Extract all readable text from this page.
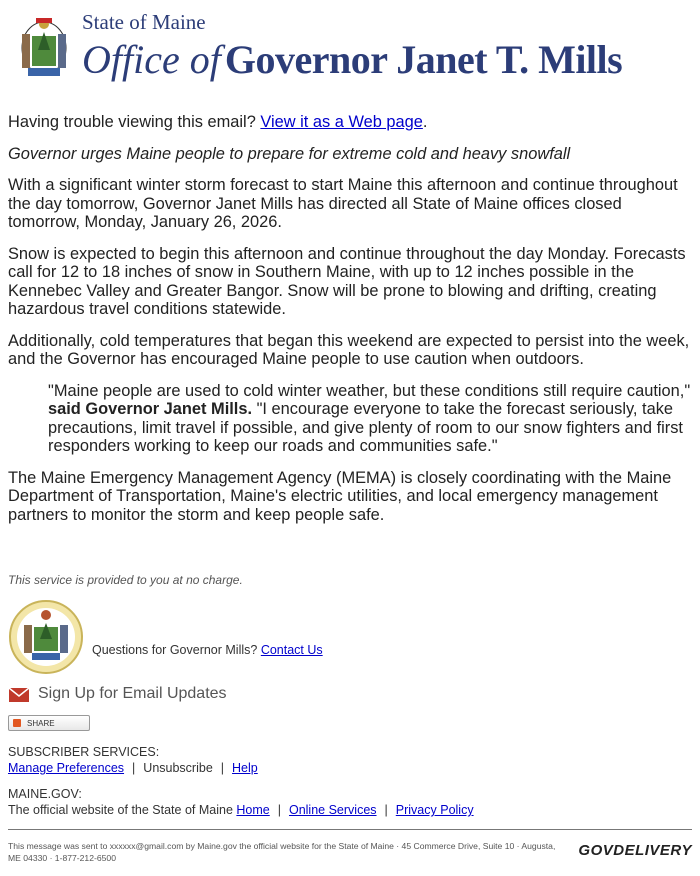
State of Maine
Office of Governor Janet T. Mills

Having trouble viewing this email? View it as a Web page.

Governor urges Maine people to prepare for extreme cold and heavy snowfall

With a significant winter storm forecast to start Maine this afternoon and continue throughout the day tomorrow, Governor Janet Mills has directed all State of Maine offices closed tomorrow, Monday, January 26, 2026.

Snow is expected to begin this afternoon and continue throughout the day Monday. Forecasts call for 12 to 18 inches of snow in Southern Maine, with up to 12 inches possible in the Kennebec Valley and Greater Bangor. Snow will be prone to blowing and drifting, creating hazardous travel conditions statewide.

Additionally, cold temperatures that began this weekend are expected to persist into the week, and the Governor has encouraged Maine people to use caution when outdoors.

"Maine people are used to cold winter weather, but these conditions still require caution," said Governor Janet Mills. "I encourage everyone to take the forecast seriously, take precautions, limit travel if possible, and give plenty of room to our snow fighters and first responders working to keep our roads and communities safe."

The Maine Emergency Management Agency (MEMA) is closely coordinating with the Maine Department of Transportation, Maine's electric utilities, and local emergency management partners to monitor the storm and keep people safe.

This service is provided to you at no charge.
Questions for Governor Mills? Contact Us
Sign Up for Email Updates
SHARE
SUBSCRIBER SERVICES:
Manage Preferences | Unsubscribe | Help
MAINE.GOV:
The official website of the State of Maine Home | Online Services | Privacy Policy
This message was sent to xxxxxx@gmail.com by Maine.gov the official website for the State of Maine · 45 Commerce Drive, Suite 10 · Augusta, ME 04330 · 1-877-212-6500	GOVDELIVERY
